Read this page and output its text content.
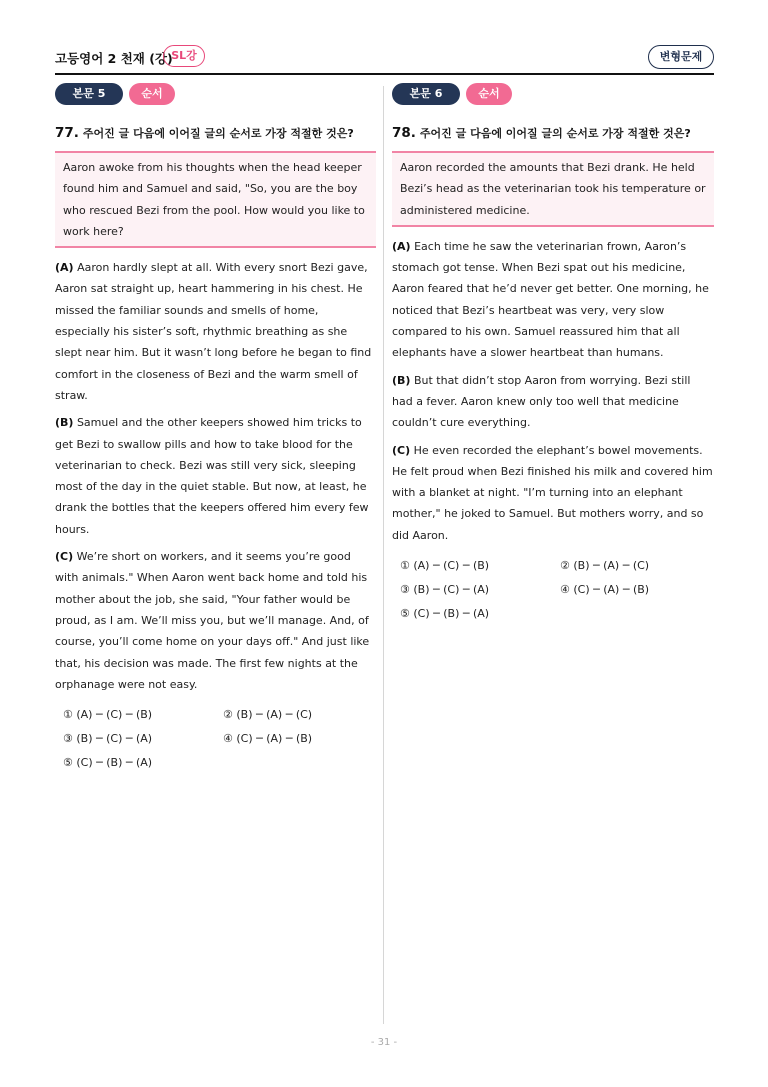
고등영어 2 천재 (강)
SL강	변형문제
본문 5	순서
77. 주어진 글 다음에 이어질 글의 순서로 가장 적절한 것은?
Aaron awoke from his thoughts when the head keeper found him and Samuel and said, "So, you are the boy who rescued Bezi from the pool. How would you like to work here?

(A) Aaron hardly slept at all. With every snort Bezi gave, Aaron sat straight up, heart hammering in his chest. He missed the familiar sounds and smells of home, especially his sister’s soft, rhythmic breathing as she slept near him. But it wasn’t long before he began to find comfort in the closeness of Bezi and the warm smell of straw.

(B) Samuel and the other keepers showed him tricks to get Bezi to swallow pills and how to take blood for the veterinarian to check. Bezi was still very sick, sleeping most of the day in the quiet stable. But now, at least, he drank the bottles that the keepers offered him every few hours.

(C) We’re short on workers, and it seems you’re good with animals." When Aaron went back home and told his mother about the job, she said, "Your father would be proud, as I am. We’ll miss you, but we’ll manage. And, of course, you’ll come home on your days off." And just like that, his decision was made. The first few nights at the orphanage were not easy.

① (A) ─ (C) ─ (B)	② (B) ─ (A) ─ (C)
③ (B) ─ (C) ─ (A)	④ (C) ─ (A) ─ (B)
⑤ (C) ─ (B) ─ (A)
본문 6	순서
78. 주어진 글 다음에 이어질 글의 순서로 가장 적절한 것은?
Aaron recorded the amounts that Bezi drank. He held Bezi’s head as the veterinarian took his temperature or administered medicine.

(A) Each time he saw the veterinarian frown, Aaron’s stomach got tense. When Bezi spat out his medicine, Aaron feared that he’d never get better. One morning, he noticed that Bezi’s heartbeat was very, very slow compared to his own. Samuel reassured him that all elephants have a slower heartbeat than humans.

(B) But that didn’t stop Aaron from worrying. Bezi still had a fever. Aaron knew only too well that medicine couldn’t cure everything.

(C) He even recorded the elephant’s bowel movements. He felt proud when Bezi finished his milk and covered him with a blanket at night. "I’m turning into an elephant mother," he joked to Samuel. But mothers worry, and so did Aaron.

① (A) ─ (C) ─ (B)	② (B) ─ (A) ─ (C)
③ (B) ─ (C) ─ (A)	④ (C) ─ (A) ─ (B)
⑤ (C) ─ (B) ─ (A)
- 31 -
